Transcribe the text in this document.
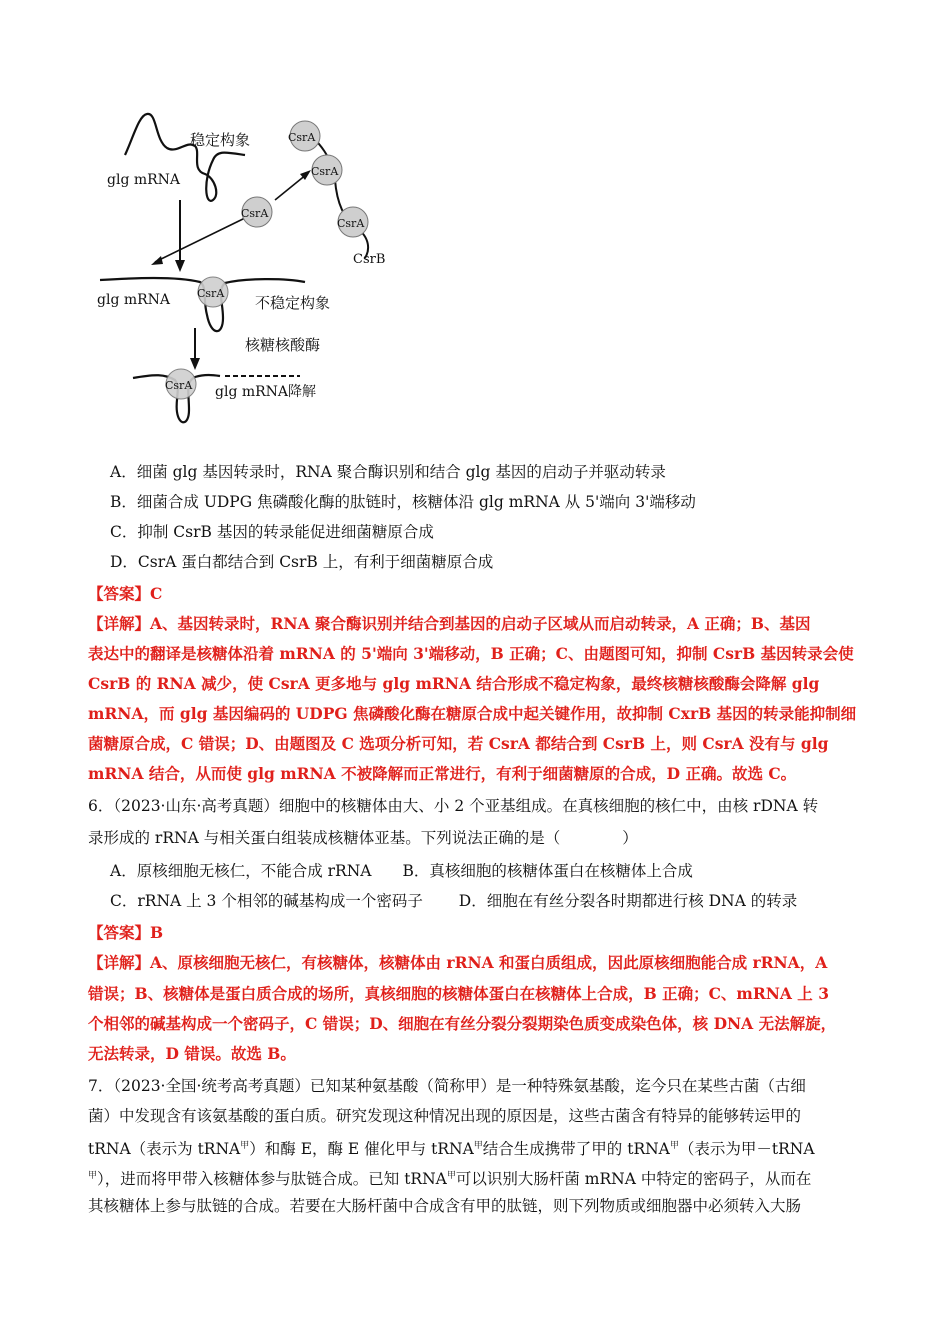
稳定构象
glg mRNA
CsrA
CsrA
CsrA
CsrA
CsrB
glg mRNA CsrA
不稳定构象
核糖核酸酶
CsrA glg mRNA降解
A．细菌 glg 基因转录时，RNA 聚合酶识别和结合 glg 基因的启动子并驱动转录
B．细菌合成 UDPG 焦磷酸化酶的肽链时，核糖体沿 glg mRNA 从 5'端向 3'端移动
C．抑制 CsrB 基因的转录能促进细菌糖原合成
D．CsrA 蛋白都结合到 CsrB 上，有利于细菌糖原合成
【答案】C
【详解】A、基因转录时，RNA 聚合酶识别并结合到基因的启动子区域从而启动转录，A 正确；B、基因
表达中的翻译是核糖体沿着 mRNA 的 5'端向 3'端移动，B 正确；C、由题图可知，抑制 CsrB 基因转录会使
CsrB 的 RNA 减少，使 CsrA 更多地与 glg mRNA 结合形成不稳定构象，最终核糖核酸酶会降解 glg
mRNA，而 glg 基因编码的 UDPG 焦磷酸化酶在糖原合成中起关键作用，故抑制 CxrB 基因的转录能抑制细
菌糖原合成，C 错误；D、由题图及 C 选项分析可知，若 CsrA 都结合到 CsrB 上，则 CsrA 没有与 glg
mRNA 结合，从而使 glg mRNA 不被降解而正常进行，有利于细菌糖原的合成，D 正确。故选 C。
6．（2023·山东·高考真题）细胞中的核糖体由大、小 2 个亚基组成。在真核细胞的核仁中，由核 rDNA 转
录形成的 rRNA 与相关蛋白组装成核糖体亚基。下列说法正确的是（　　　　）
A．原核细胞无核仁，不能合成 rRNA　　B．真核细胞的核糖体蛋白在核糖体上合成
C．rRNA 上 3 个相邻的碱基构成一个密码子　　 D．细胞在有丝分裂各时期都进行核 DNA 的转录
【答案】B
【详解】A、原核细胞无核仁，有核糖体，核糖体由 rRNA 和蛋白质组成，因此原核细胞能合成 rRNA，A
错误；B、核糖体是蛋白质合成的场所，真核细胞的核糖体蛋白在核糖体上合成，B 正确；C、mRNA 上 3
个相邻的碱基构成一个密码子，C 错误；D、细胞在有丝分裂分裂期染色质变成染色体，核 DNA 无法解旋，
无法转录，D 错误。故选 B。
7．（2023·全国·统考高考真题）已知某种氨基酸（简称甲）是一种特殊氨基酸，迄今只在某些古菌（古细
菌）中发现含有该氨基酸的蛋白质。研究发现这种情况出现的原因是，这些古菌含有特异的能够转运甲的
tRNA（表示为 tRNA$^甲$）和酶 E，酶 E 催化甲与 tRNA$^甲$结合生成携带了甲的 tRNA$^甲$（表示为甲－tRNA
$^甲$），进而将甲带入核糖体参与肽链合成。已知 tRNA$^甲$可以识别大肠杆菌 mRNA 中特定的密码子，从而在
其核糖体上参与肽链的合成。若要在大肠杆菌中合成含有甲的肽链，则下列物质或细胞器中必须转入大肠
